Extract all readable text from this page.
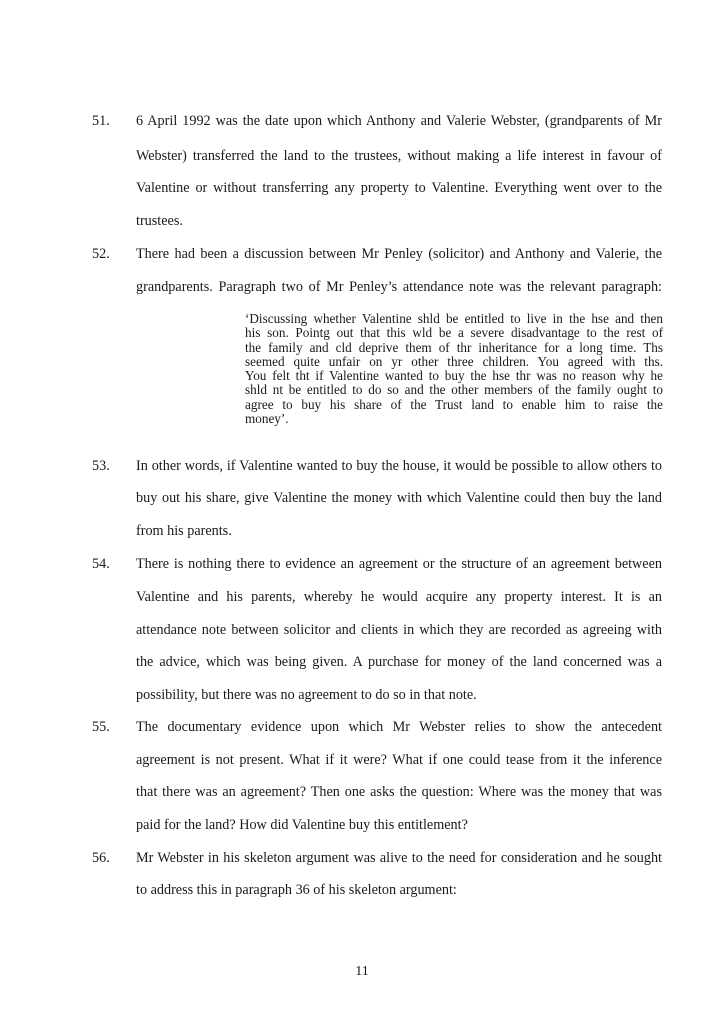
51. 6 April 1992 was the date upon which Anthony and Valerie Webster, (grandparents of Mr
Webster) transferred the land to the trustees, without making a life interest in favour of
Valentine or without transferring any property to Valentine. Everything went over to the
trustees.
52. There had been a discussion between Mr Penley (solicitor) and Anthony and Valerie, the
grandparents. Paragraph two of Mr Penley’s attendance note was the relevant paragraph:
‘Discussing whether Valentine shld be entitled to live in the hse and then
his son. Pointg out that this wld be a severe disadvantage to the rest of
the family and cld deprive them of thr inheritance for a long time. Ths
seemed quite unfair on yr other three children. You agreed with ths.
You felt tht if Valentine wanted to buy the hse thr was no reason why he
shld nt be entitled to do so and the other members of the family ought to
agree to buy his share of the Trust land to enable him to raise the
money’.
53. In other words, if Valentine wanted to buy the house, it would be possible to allow others to
buy out his share, give Valentine the money with which Valentine could then buy the land
from his parents.
54. There is nothing there to evidence an agreement or the structure of an agreement between
Valentine and his parents, whereby he would acquire any property interest. It is an
attendance note between solicitor and clients in which they are recorded as agreeing with
the advice, which was being given. A purchase for money of the land concerned was a
possibility, but there was no agreement to do so in that note.
55. The documentary evidence upon which Mr Webster relies to show the antecedent
agreement is not present. What if it were? What if one could tease from it the inference
that there was an agreement? Then one asks the question: Where was the money that was
paid for the land? How did Valentine buy this entitlement?
56. Mr Webster in his skeleton argument was alive to the need for consideration and he sought
to address this in paragraph 36 of his skeleton argument:
11
